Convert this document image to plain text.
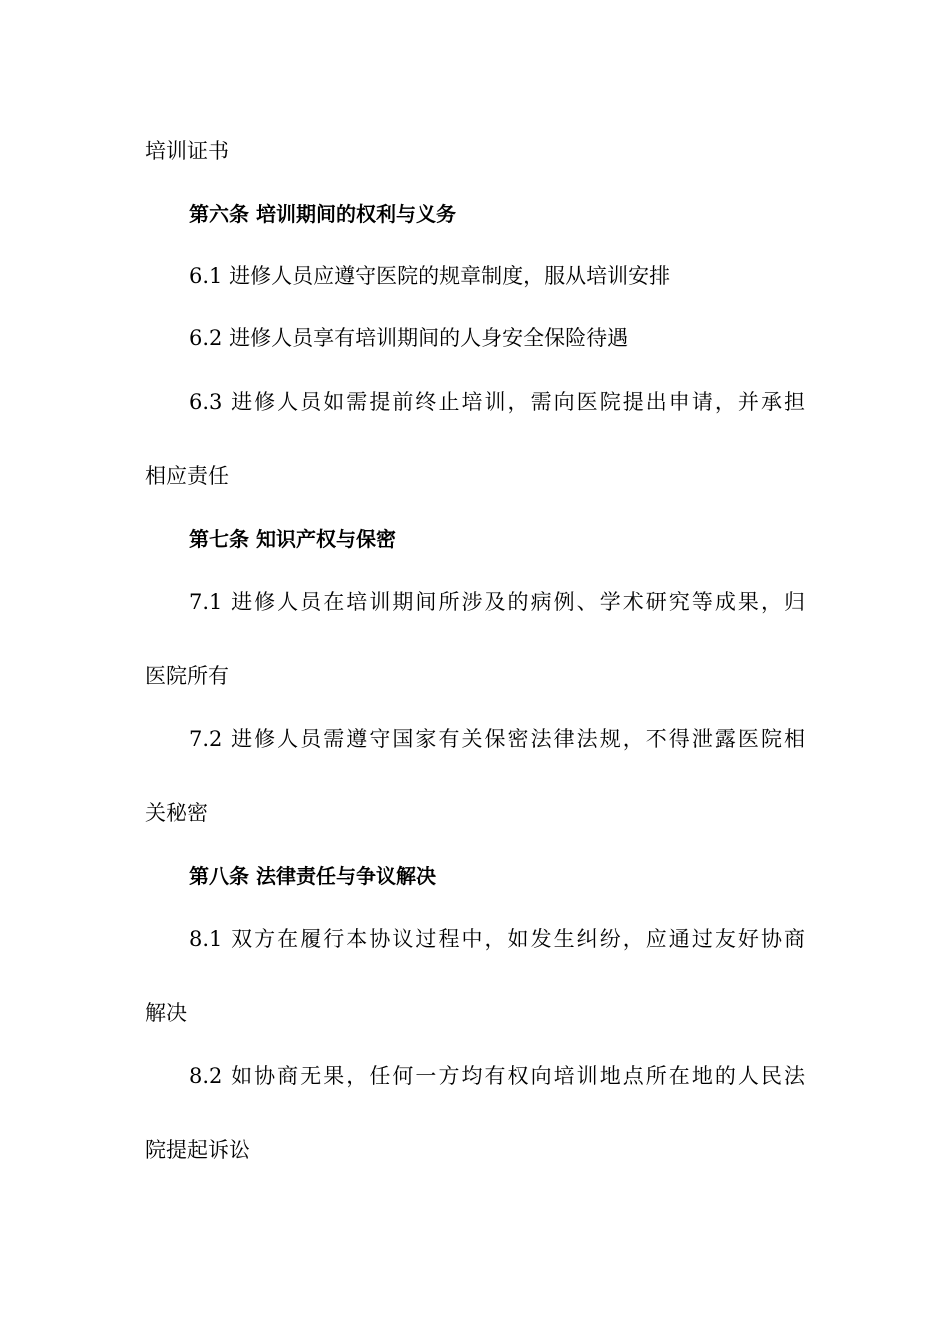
培训证书
第六条 培训期间的权利与义务
6.1 进修人员应遵守医院的规章制度，服从培训安排
6.2 进修人员享有培训期间的人身安全保险待遇
6.3 进修人员如需提前终止培训，需向医院提出申请，并承担
相应责任
第七条 知识产权与保密
7.1 进修人员在培训期间所涉及的病例、学术研究等成果，归
医院所有
7.2 进修人员需遵守国家有关保密法律法规，不得泄露医院相
关秘密
第八条 法律责任与争议解决
8.1 双方在履行本协议过程中，如发生纠纷，应通过友好协商
解决
8.2 如协商无果，任何一方均有权向培训地点所在地的人民法
院提起诉讼
